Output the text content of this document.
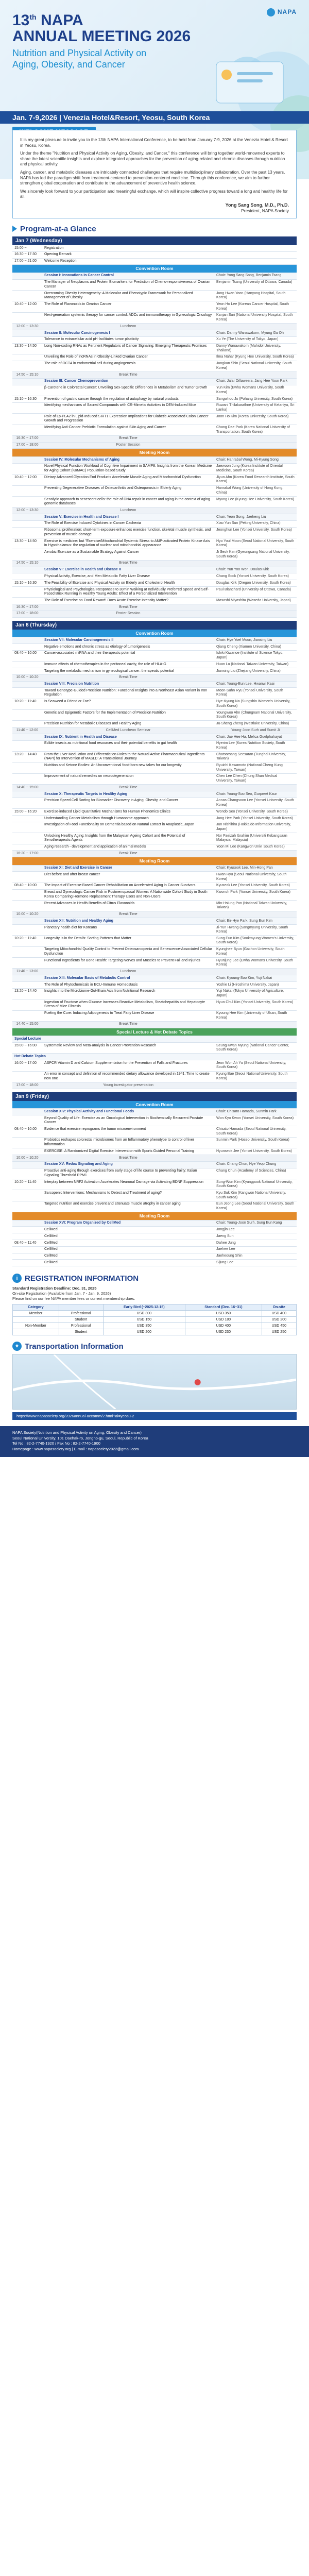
NAPA
13th NAPA
ANNUAL MEETING 2026
Nutrition and Physical Activity on
Aging, Obesity, and Cancer
Jan. 7-9,2026 | Venezia Hotel&Resort, Yeosu, South Korea

It is my great pleasure to invite you to the 13th NAPA International Conference, to be held from January 7-9, 2026 at the Venezia Hotel & Resort in Yeosu, Korea.

Under the theme "Nutrition and Physical Activity on Aging, Obesity, and Cancer," this conference will bring together world-renowned experts to share the latest scientific insights and explore integrated approaches for the prevention of aging-related and chronic diseases through nutrition and physical activity.

Aging, cancer, and metabolic diseases are intricately connected challenges that require multidisciplinary collaboration. Over the past 13 years, NAPA has led the paradigm shift from treatment-centered to prevention-centered medicine. Through this conference, we aim to further strengthen global cooperation and contribute to the advancement of preventive health science.

We sincerely look forward to your participation and meaningful exchange, which will inspire collective progress toward a long and healthy life for all.

Yong Sang Song, M.D., Ph.D.
President, NAPA Society
Program-at-a Glance
Jan 7 (Wednesday)
15:00 ~	Registration	
16:30 ~ 17:30	Opening Remark	
17:00 ~ 21:00	Welcome Reception	
Convention Room		
	Session I: Innovations in Cancer Control	Chair: Yong Sang Song, Benjamin Tsang
	The Manager of Neoplasms and Protein Biomarkers for Prediction of Chemo-responsiveness of Ovarian Cancer	Benjamin Tsang (University of Ottawa, Canada)
	Overcoming Obesity Heterogeneity: A Molecular and Phenotypic Framework for Personalized Management of Obesity	Jung Hwan Yoon (Hanyang Hospital, South Korea)
10:40 ~ 12:00	The Role of Flavonoids in Ovarian Cancer	Yeon Ho Lee (Korean Cancer Hospital, South Korea)
	Next-generation systemic therapy for cancer control: ADCs and immunotherapy in Gynecologic Oncology	Kanjan Suri (National University Hospital, South Korea)
12:00 ~ 13:30	Luncheon	
	Session II: Molecular Carcinogenesis I	Chair: Danny Wanawakorn, Myung Gu Oh
	Tolerance to extracellular acid pH facilitates tumor plasticity	Xu Ye (The University of Tokyo, Japan)
13:30 ~ 14:50	Long Non-coding RNAs as Pertinent Regulators of Cancer Signaling: Emerging Therapeutic Promises	Danny Wanawakorn (Mahidol University, Thailand)
	Unveiling the Role of lncRNAs in Obesity-Linked Ovarian Cancer	Ilma Nahar (Kyung Hee University, South Korea)
	The role of OCT4 in endometrial cell during angiogenesis	Jungkun Shin (Seoul National University, South Korea)
14:50 ~ 15:10	Break Time	
	Session III: Cancer Chemoprevention	Chair: Jalar Dillaweera, Jang Hee Yoon Park
	β-Carotene in Colorectal Cancer: Unveiling Sex-Specific Differences in Metabolism and Tumor Growth	Yun Kim (Ewha Womans University, South Korea)
15:10 ~ 16:30	Prevention of gastric cancer through the regulation of autophagy by natural products	Sangwhoo Jo (Pohang University, South Korea)
	Identifying mechanisms of Sacred Compounds with CR-Mimetic Activities in DEN-Induced Mice	Ruwani Thilakarathne (University of Kelaniya, Sri Lanka)
	Role of Lp-PLA2 in Lipid-Induced SIRT1 Expression Implications for Diabetic-Associated Colon Cancer Growth and Progression	Joon Ho Kim (Korea University, South Korea)
	Identifying Anti-Cancer Prebiotic Formulation against Skin Aging and Cancer	Chang Dae Park (Korea National University of Transportation, South Korea)
16:30 ~ 17:00	Break Time	
17:00 ~ 18:00	Poster Session	
Meeting Room		
	Session IV: Molecular Mechanisms of Aging	Chair: Hanrabal Wong, Mi-Kyung Song
	Novel Physical Function Workload of Cognitive Impairment in SAMP8: Insights from the Korean Medicine for Aging Cohort (KoMAC) Population-based Study	Jaewoon Jung (Korea Institute of Oriental Medicine, South Korea)
10:40 ~ 12:00	Dietary Advanced Glycation End Products Accelerate Muscle Aging and Mitochondrial Dysfunction	Jiyun Ahn (Korea Food Research Institute, South Korea)
	Preventing Degenerative Diseases of Osteoarthritis and Osteoporosis in Elderly Aging	Hanrabal Wong (University of Hong Kong, China)
	Senolytic approach to senescent cells: the role of DNA repair in cancer and aging in the context of aging genomic databases	Myung Lee (Kyung Hee University, South Korea)
12:00 ~ 13:30	Luncheon	
	Session V: Exercise in Health and Disease I	Chair: Yeon Song, Jaeheng Liu
	The Role of Exercise Induced Cytokines in Cancer Cachexia	Xiao Yun Sun (Peking University, China)
	Ribosomal proliferation: short-term exposure enhances exercise function, skeletal muscle synthesis, and prevention of muscle damage	Jeonghun Lee (Yonsei University, South Korea)
13:30 ~ 14:50	Exercise is medicine: but "Exercise/Mitochondrial Systemic Stress to AMP-activated Protein Kinase Axis in Hypothalamus: the regulation of nuclear and mitochondrial appearance	Hyo Youl Moon (Seoul National University, South Korea)
	Aerobic Exercise as a Sustainable Strategy Against Cancer	Ji Seok Kim (Gyeongsang National University, South Korea)
14:50 ~ 15:10	Break Time	
	Session VI: Exercise in Health and Disease II	Chair: Yun Yoo Won, Doulas Kirk
	Physical Activity, Exercise, and Men Metabolic Fatty Liver Disease	Chang Sook (Yonsei University, South Korea)
15:10 ~ 16:30	The Feasibility of Exercise and Physical Activity on Elderly and Cholesterol Health	Douglas Kirk (Oregon University, South Korea)
	Physiological and Psychological Responses to 30min Walking at Individually Preferred Speed and Self-Paced Brisk Running in Healthy Young Adults: Effect of a Personalized Intervention	Paul Blanchard (University of Ottawa, Canada)
	The Role of Exercise on Food Reward: Does Acute Exercise Intensity Matter?	Masashi Miyashita (Waseda University, Japan)
16:30 ~ 17:00	Break Time	
17:00 ~ 18:00	Poster Session	
Jan 8 (Thursday)
Convention Room		
	Session VII: Molecular Carcinogenesis II	Chair: Hye Yoel Moon, Jianxing Liu
	Negative emotions and chronic stress as etiology of tumorigenesis	Qiang Cheng (Xiamen University, China)
08:40 ~ 10:00	Cancer-associated miRNA and their therapeutic potential	Ishiki Kiwanoe (Institute of Science Tokyo, Japan)
	Immune effects of chemotherapies in the peritoneal cavity, the role of HLA-G	Huan Lu (National Taiwan University, Taiwan)
	Targeting the metabolic mechanism in gynecological cancer: therapeutic potential	Jianxing Liu (Zhejiang University, China)
10:00 ~ 10:20	Break Time	
	Session VIII: Precision Nutrition	Chair: Young-Eun Lee, Hwanwi Kaai
	Toward Genotype-Guided Precision Nutrition: Functional Insights into a Northeast Asian Variant in Iron Regulation	Moon-Suhn Ryu (Yonsei University, South Korea)
10:20 ~ 11:40	Is Seaweed a Friend or Foe?	Hye-Kyung Na (Sungshin Women's University, South Korea)
	Genetic and Epigenetic Factors for the Implementation of Precision Nutrition	Youngwoo Ahn (Chungnam National University, South Korea)
	Precision Nutrition for Metabolic Diseases and Healthy Aging	Ju-Sheng Zheng (Westlake University, China)
11:40 ~ 12:00	CellMed Luncheon Seminar	Young-Joon Surh and Sumit Ji
	Session IX: Nutrient in Health and Disease	Chair: Jae Hee Ha, Melica Guelphahayat
	Edible insects as nutritional food resources and their potential benefits in gut health	Hyerim Lee (Korea Nutrition Society, South Korea)
13:20 ~ 14:40	From the Liver Modulation and Differentiation Roles to the Natural Active Pharmaceutical Ingredients (NAPI) for Intervention of MASLD: A Translational Journey	Chatsorsang Seesaran (Tunghai University, Taiwan)
	Nutrition and Ketone Bodies: An Unconventional food-born new takes for our longevity	Ryuichi Kawamoto (National Cheng Kung University, Taiwan)
	Improvement of natural remedies on neurodegeneration	Chen Lee Chen (Chung Shan Medical University, Taiwan)
14:40 ~ 15:00	Break Time	
	Session X: Therapeutic Targets in Healthy Aging	Chair: Young-Soo Seo, Gurpreet Kaur
	Precision Speed Cell Sorting for Biomarker Discovery in Aging, Obesity, and Cancer	Annas Changsoon Lee (Yonsei University, South Korea)
15:00 ~ 16:20	Exercise-induced Lipid Quantitative Mechanisms for Human Phenomics Clinics	Wondo Seo (Yonsei University, South Korea)
	Understanding Cancer Metabolism through Humanome approach	Jung Hee Park (Yonsei University, South Korea)
	Investigation of Food Functionality on Dementia based on Natural Extract in Anaplastic, Japan	Jun Nishihira (Hokkaido Information University, Japan)
	Unlocking Healthy Aging: Insights from the Malaysian Ageing Cohort and the Potential of Senotherapeutic Agents	Nor Faeizah Ibrahim (Universiti Kebangsaan Malaysia, Malaysia)
	Aging research - development and application of animal models	Yoon Mi Lee (Kangwon Univ, South Korea)
16:20 ~ 17:00	Break Time	
Meeting Room		
	Session XI: Diet and Exercise in Cancer	Chair: Kyuseok Lee, Min-Hong Pan
	Diet before and after breast cancer	Hwan Ryu (Seoul National University, South Korea)
08:40 ~ 10:00	The Impact of Exercise-Based Cancer Rehabilitation on Accelerated Aging in Cancer Survivors	Kyuseok Lee (Yonsei University, South Korea)
	Breast and Gynecologic Cancer Risk in Postmenopausal Women: A Nationwide Cohort Study in South Korea Comparing Hormone Replacement Therapy Users and Non-Users	Kwonoh Park (Yonsei University, South Korea)
	Recent Advances in Health Benefits of Citrus Flavonoids	Min-Hsiung Pan (National Taiwan University, Taiwan)
10:00 ~ 10:20	Break Time	
	Session XII: Nutrition and Healthy Aging	Chair: Eir-Hye Park, Sung Eun Kim
	Planetary health diet for Koreans	Ji-Yun Hwang (Sangmyung University, South Korea)
10:20 ~ 11:40	Longevity is in the Details: Sorting Patterns that Matter	Sung Eun Kim (Sookmyung Women's University, South Korea)
	Targeting Mitochondrial Quality Control to Prevent Osteosarcopenia and Senescence-Associated Cellular Dysfunction	Kyunghee Byun (Gachon University, South Korea)
	Functional Ingredients for Bone Health: Targeting Nerves and Muscles to Prevent Fall and Injuries	Hyunjung Lee (Ewha Womans University, South Korea)
11:40 ~ 13:00	Luncheon	
	Session XIII: Molecular Basis of Metabolic Control	Chair: Kyoung-Soo Kim, Yuji Nakai
	The Role of Phytochemicals in ECU-Immune Homeostasis	Yoshie Li (Hiroshima University, Japan)
13:20 ~ 14:40	Insights into the Microbiome-Gut-Brain Axis from Nutritional Research	Yuji Nakai (Tokyo University of Agriculture, Japan)
	Ingestion of Fructose when Glucose Increases Reactive Metabolism, Steatohepatitis and Hepatocyte Stress of Mice Fibrosis	Hyun Chul Kim (Yonsei University, South Korea)
	Fueling the Cure: Inducing Adipogenesis to Treat Fatty Liver Disease	Kyoung Hee Kim (University of Ulsan, South Korea)
14:40 ~ 15:00	Break Time	
Special Lecture & Hot Debate Topics		
Special Lecture		
15:00 ~ 16:00	Systematic Review and Meta-analysis in Cancer Prevention Research	Seung Kwan Myung (National Cancer Center, South Korea)
Hot Debate Topics		
16:00 ~ 17:00	ASPCR Vitamin D and Calcium Supplementation for the Prevention of Falls and Fractures	Jeon Won Ah Yu (Seoul National University, South Korea)
	An error in concept and definition of recommended dietary allowance developed in 1941: Time to create new one	Kyung Bae (Seoul National University, South Korea)
17:00 ~ 18:00	Young investigator presentation	
Jan 9 (Friday)
Convention Room		
	Session XIV: Physical Activity and Functional Foods	Chair: Chisato Hamada, Sunmin Park
	Beyond Quality of Life: Exercise as an Oncological Intervention in Biochemically Recurrent Prostate Cancer	Won Kyo Kwon (Yonsei University, South Korea)
08:40 ~ 10:00	Evidence that exercise reprograms the tumor microenvironment	Chisato Hamada (Seoul National University, South Korea)
	Probiotics reshapes colorectal microbiomes from an Inflammatory phenotype to control of liver inflammation	Sunmin Park (Hoseo University, South Korea)
	EXERCISE: A Randomized Digital Exercise Intervention with Sports Guided Personal Training	Hyunseok Jee (Yonsei University, South Korea)
10:00 ~ 10:20	Break Time	
	Session XV: Redox Signaling and Aging	Chair: Chang Chun, Hye Yeop Chung
	Proactive anti-aging through exercises from early stage of life course to preventing frailty: Italian Signaling Threshold PPM1	Chang Chun (Academy of Sciences, China)
10:20 ~ 11:40	Interplay between NRF2 Activation Accelerates Neuronal Damage via Activating BDNF Suppression	Sung-Won Kim (Kyungpook National University, South Korea)
	Sarcopenic Interventions: Mechanisms to Detect and Treatment of aging?	Kyu Suk Kim (Kangwon National University, South Korea)
	Targeted nutrition and exercise prevent and attenuate muscle atrophy in cancer aging	Eun Jeong Lee (Seoul National University, South Korea)
Meeting Room		
	Session XVI: Program Organized by CellMed	Chair: Young-Joon Surh, Sung Eun Kang
	CellMed	Jongjin Lee
	CellMed	Jaeng Sun
08:40 ~ 11:40	CellMed	Dahee Jung
	CellMed	Jaehee Lee
	CellMed	Jaeheoung Shin
	CellMed	Sijung Lee
i REGISTRATION INFORMATION

Standard Registration Deadline: Dec. 31, 2025

On-site Registration (Available from Jan. 7 - Jan. 9, 2026)

Please find on our fee NAPA member fees or current membership dues.

Category		Early Bird (~2025-12-15)	Standard (Dec. 16~31)	On-site
Member	Professional	USD 300	USD 350	USD 400
	Student	USD 150	USD 180	USD 200
Non-Member	Professional	USD 350	USD 400	USD 450
	Student	USD 200	USD 230	USD 250
⌖ Transportation Information
https://www.napasociety.org/2026annual-accomm/2.html?al=yeosu-2
NAPA Society(Nutrition and Physical Activity on Aging, Obesity and Cancer)
Seoul National University, 101 Daehak-ro, Jongno-gu, Seoul, Republic of Korea
Tel No : 82-2-7740-1920 / Fax No : 82-2-7740-1900
Homepage : www.napasociety.org | E-mail : napasociety2022@gmail.com
